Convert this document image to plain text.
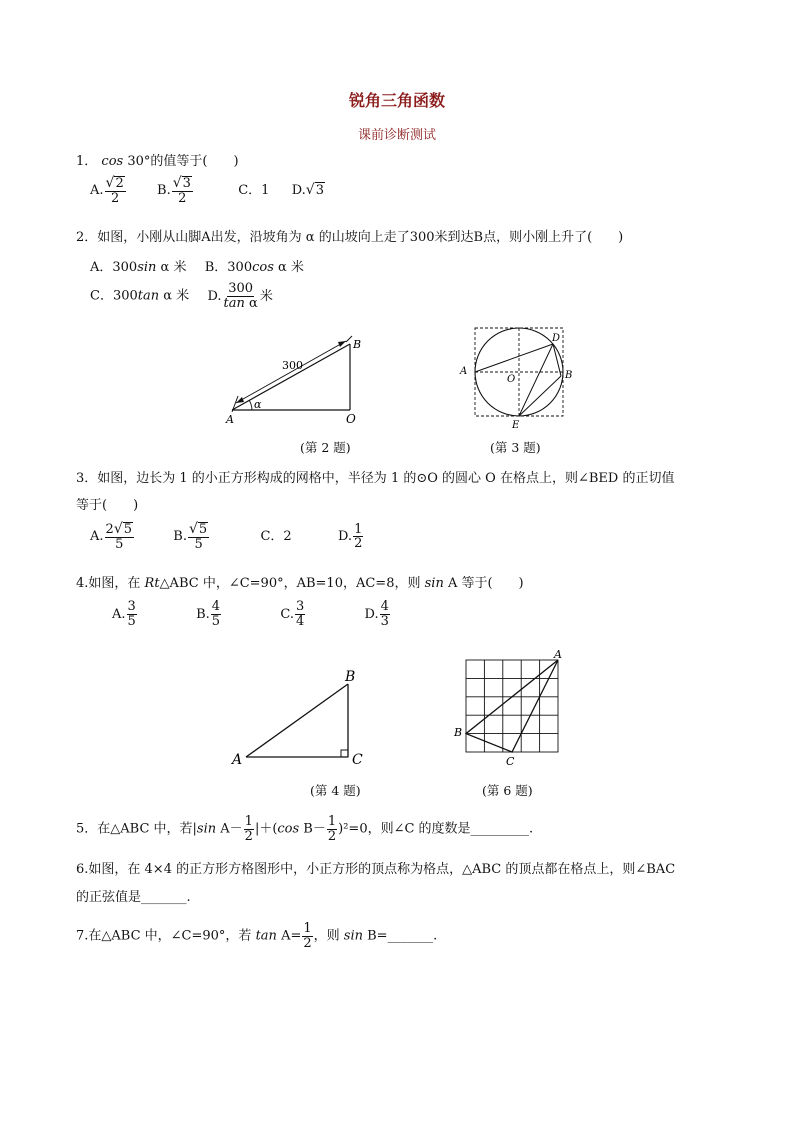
锐角三角函数
课前诊断测试
1． cos 30°的值等于(　　)
A. $\frac{√ 2}{2} B$. $\frac{√ 3}{2}$	C．1 D. √ 3
2．如图，小刚从山脚A出发，沿坡角为 α 的山坡向上走了300米到达B点，则小刚上升了(　　)
A．300sin α 米 B．300cos α 米
C．300tan α 米 D. $\frac{300}{\text{tan α}}$ 米
α
300
B
A	O
(第 2 题)
D
A
O	B
E
(第 3 题)
3．如图，边长为 1 的小正方形构成的网格中，半径为 1 的⊙O 的圆心 O 在格点上，则∠BED 的正切值
等于(　　)
A. $\frac{2 √ 5}{5}$	B. $\frac{√ 5}{5}$	C．2	D. $\frac{1}{2}$
4.如图，在 Rt△ABC 中，∠C=90°，AB=10，AC=8，则 sin A 等于(　　)
A. $\frac{3}{5}$	B. $\frac{4}{5}$	C. $\frac{3}{4}$	D. $\frac{4}{3}$
B
A	C
(第 4 题)
A
B
C
(第 6 题)
5．在△ABC 中，若|sin $A- \frac{1}{2} |+(\cos$ $B- \frac{1}{2} )^2=0$，则∠C 的度数是_________.
6.如图，在 4×4 的正方形方格图形中，小正方形的顶点称为格点，△ABC 的顶点都在格点上，则∠BAC
的正弦值是_______.
7.在△ABC 中，∠C=90°，若 $\tan A= \frac{1}{2}$ ，则 sin B=_______.
